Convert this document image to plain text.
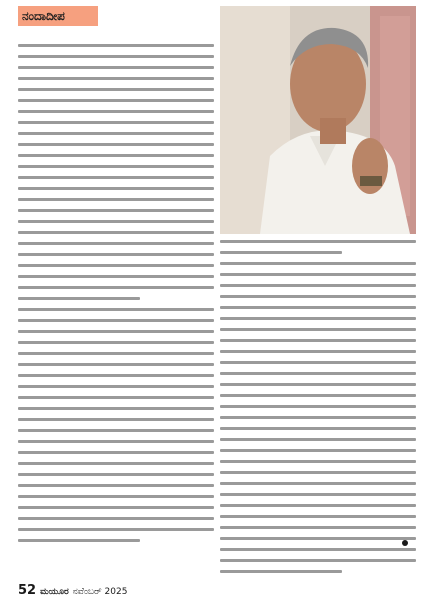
ನಂದಾದೀಪ
52 ಮಯೂರ ನವೆಂಬರ್ 2025
